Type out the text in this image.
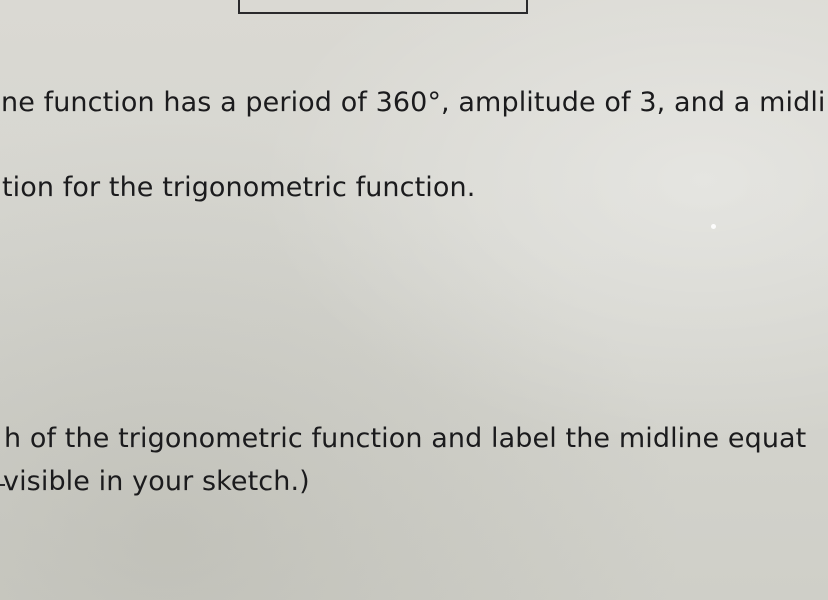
ne function has a period of 360°, amplitude of 3, and a midli
tion for the trigonometric function.
h of the trigonometric function and label the midline equat
visible in your sketch.)
